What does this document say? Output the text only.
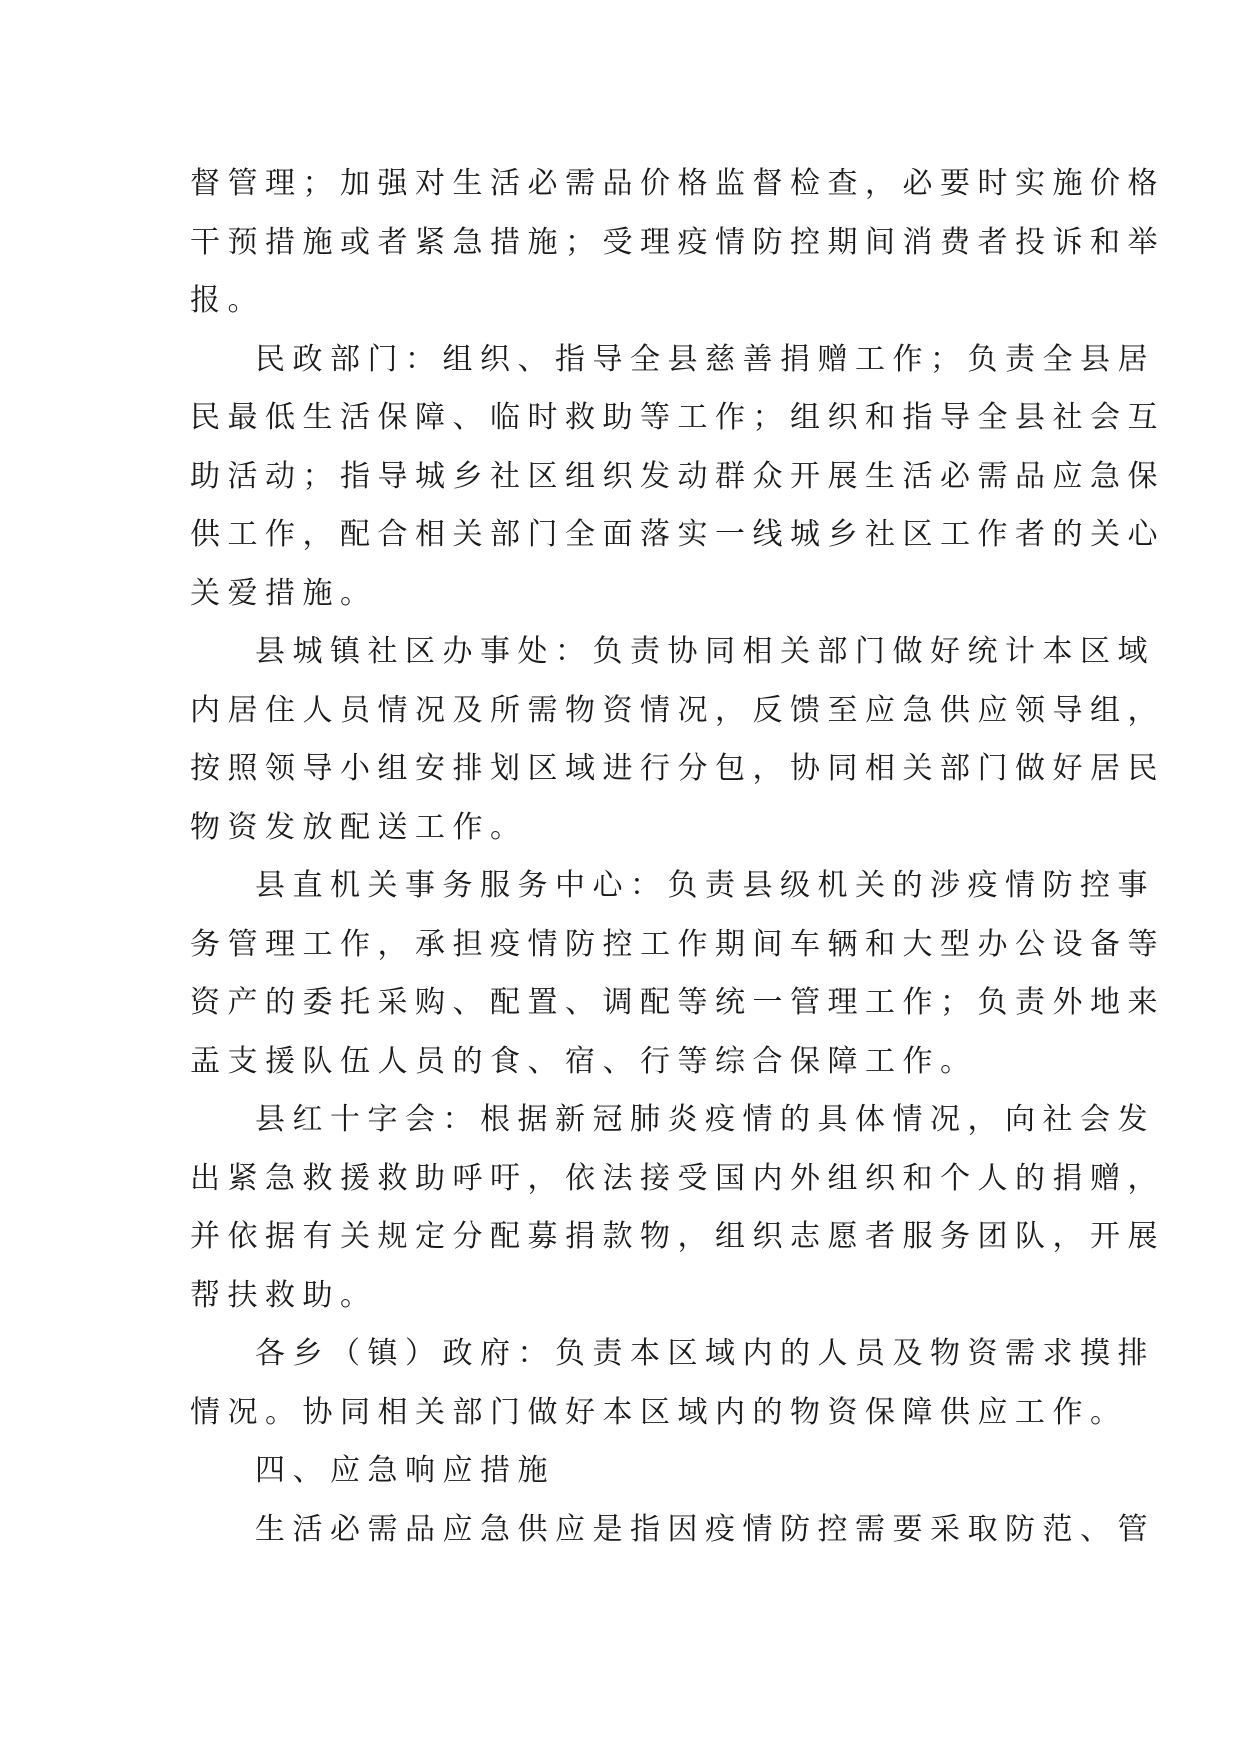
督管理；加强对生活必需品价格监督检查，必要时实施价格
干预措施或者紧急措施；受理疫情防控期间消费者投诉和举
报。
民政部门：组织、指导全县慈善捐赠工作；负责全县居
民最低生活保障、临时救助等工作；组织和指导全县社会互
助活动；指导城乡社区组织发动群众开展生活必需品应急保
供工作，配合相关部门全面落实一线城乡社区工作者的关心
关爱措施。
县城镇社区办事处：负责协同相关部门做好统计本区域
内居住人员情况及所需物资情况，反馈至应急供应领导组，
按照领导小组安排划区域进行分包，协同相关部门做好居民
物资发放配送工作。
县直机关事务服务中心：负责县级机关的涉疫情防控事
务管理工作，承担疫情防控工作期间车辆和大型办公设备等
资产的委托采购、配置、调配等统一管理工作；负责外地来
盂支援队伍人员的食、宿、行等综合保障工作。
县红十字会：根据新冠肺炎疫情的具体情况，向社会发
出紧急救援救助呼吁，依法接受国内外组织和个人的捐赠，
并依据有关规定分配募捐款物，组织志愿者服务团队，开展
帮扶救助。
各乡（镇）政府：负责本区域内的人员及物资需求摸排
情况。协同相关部门做好本区域内的物资保障供应工作。
四、应急响应措施
生活必需品应急供应是指因疫情防控需要采取防范、管
